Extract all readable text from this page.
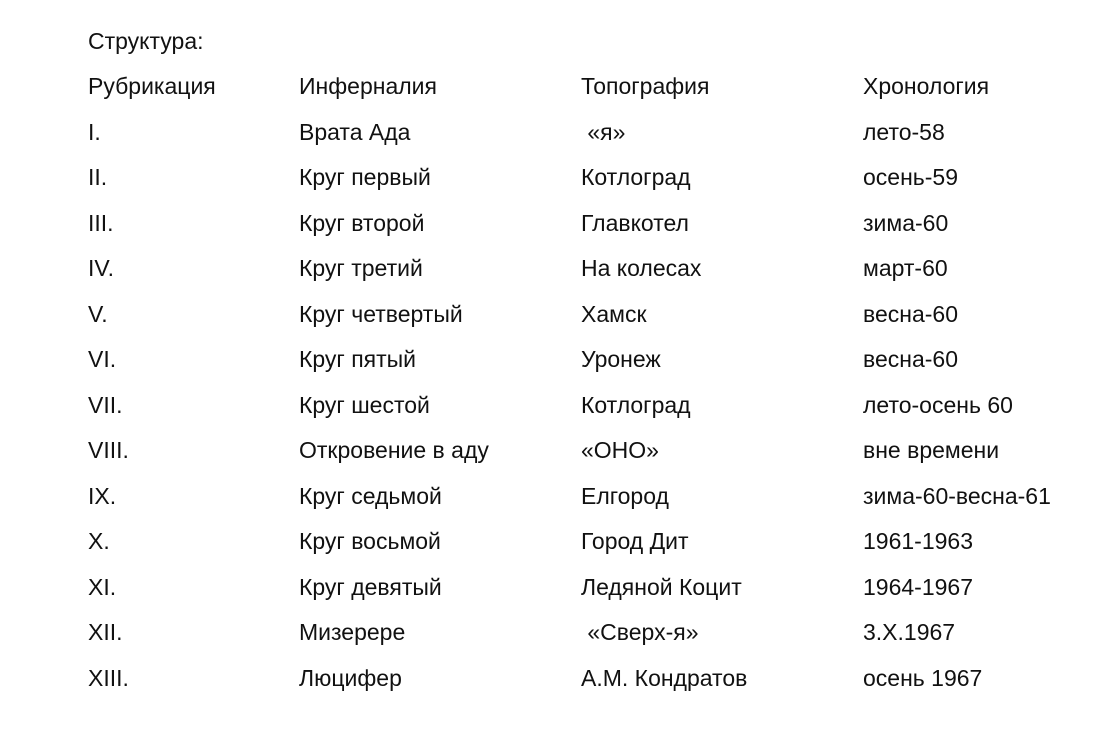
Структура:
Рубрикация	Инферналия	Топография	Хронология
I.	Врата Ада	«я»	лето-58
II.	Круг первый	Котлоград	осень-59
III.	Круг второй	Главкотел	зима-60
IV.	Круг третий	На колесах	март-60
V.	Круг четвертый	Хамск	весна-60
VI.	Круг пятый	Уронеж	весна-60
VII.	Круг шестой	Котлоград	лето-осень 60
VIII.	Откровение в аду	«ОНО»	вне времени
IX.	Круг седьмой	Елгород	зима-60-весна-61
X.	Круг восьмой	Город Дит	1961-1963
XI.	Круг девятый	Ледяной Коцит	1964-1967
XII.	Мизерере	«Сверх-я»	3.X.1967
XIII.	Люцифер	А.М. Кондратов	осень 1967
